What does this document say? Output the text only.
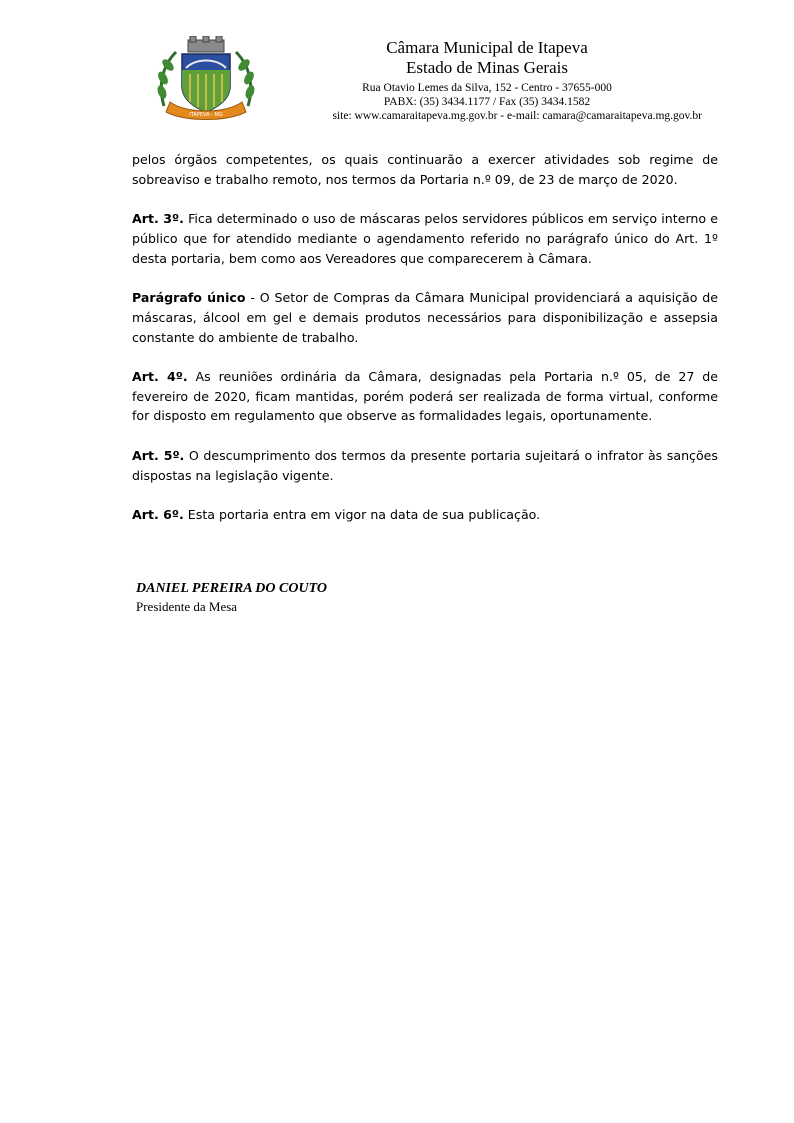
ITAPEVA - MG
Câmara Municipal de Itapeva
Estado de Minas Gerais
Rua Otavio Lemes da Silva, 152 - Centro - 37655-000
PABX: (35) 3434.1177 / Fax (35) 3434.1582
site: www.camaraitapeva.mg.gov.br - e-mail: camara@camaraitapeva.mg.gov.br

pelos órgãos competentes, os quais continuarão a exercer atividades sob regime de sobreaviso e trabalho remoto, nos termos da Portaria n.º 09, de 23 de março de 2020.

Art. 3º. Fica determinado o uso de máscaras pelos servidores públicos em serviço interno e público que for atendido mediante o agendamento referido no parágrafo único do Art. 1º desta portaria, bem como aos Vereadores que comparecerem à Câmara.

Parágrafo único - O Setor de Compras da Câmara Municipal providenciará a aquisição de máscaras, álcool em gel e demais produtos necessários para disponibilização e assepsia constante do ambiente de trabalho.

Art. 4º. As reuniões ordinária da Câmara, designadas pela Portaria n.º 05, de 27 de fevereiro de 2020, ficam mantidas, porém poderá ser realizada de forma virtual, conforme for disposto em regulamento que observe as formalidades legais, oportunamente.

Art. 5º. O descumprimento dos termos da presente portaria sujeitará o infrator às sanções dispostas na legislação vigente.

Art. 6º. Esta portaria entra em vigor na data de sua publicação.

DANIEL PEREIRA DO COUTO
Presidente da Mesa
